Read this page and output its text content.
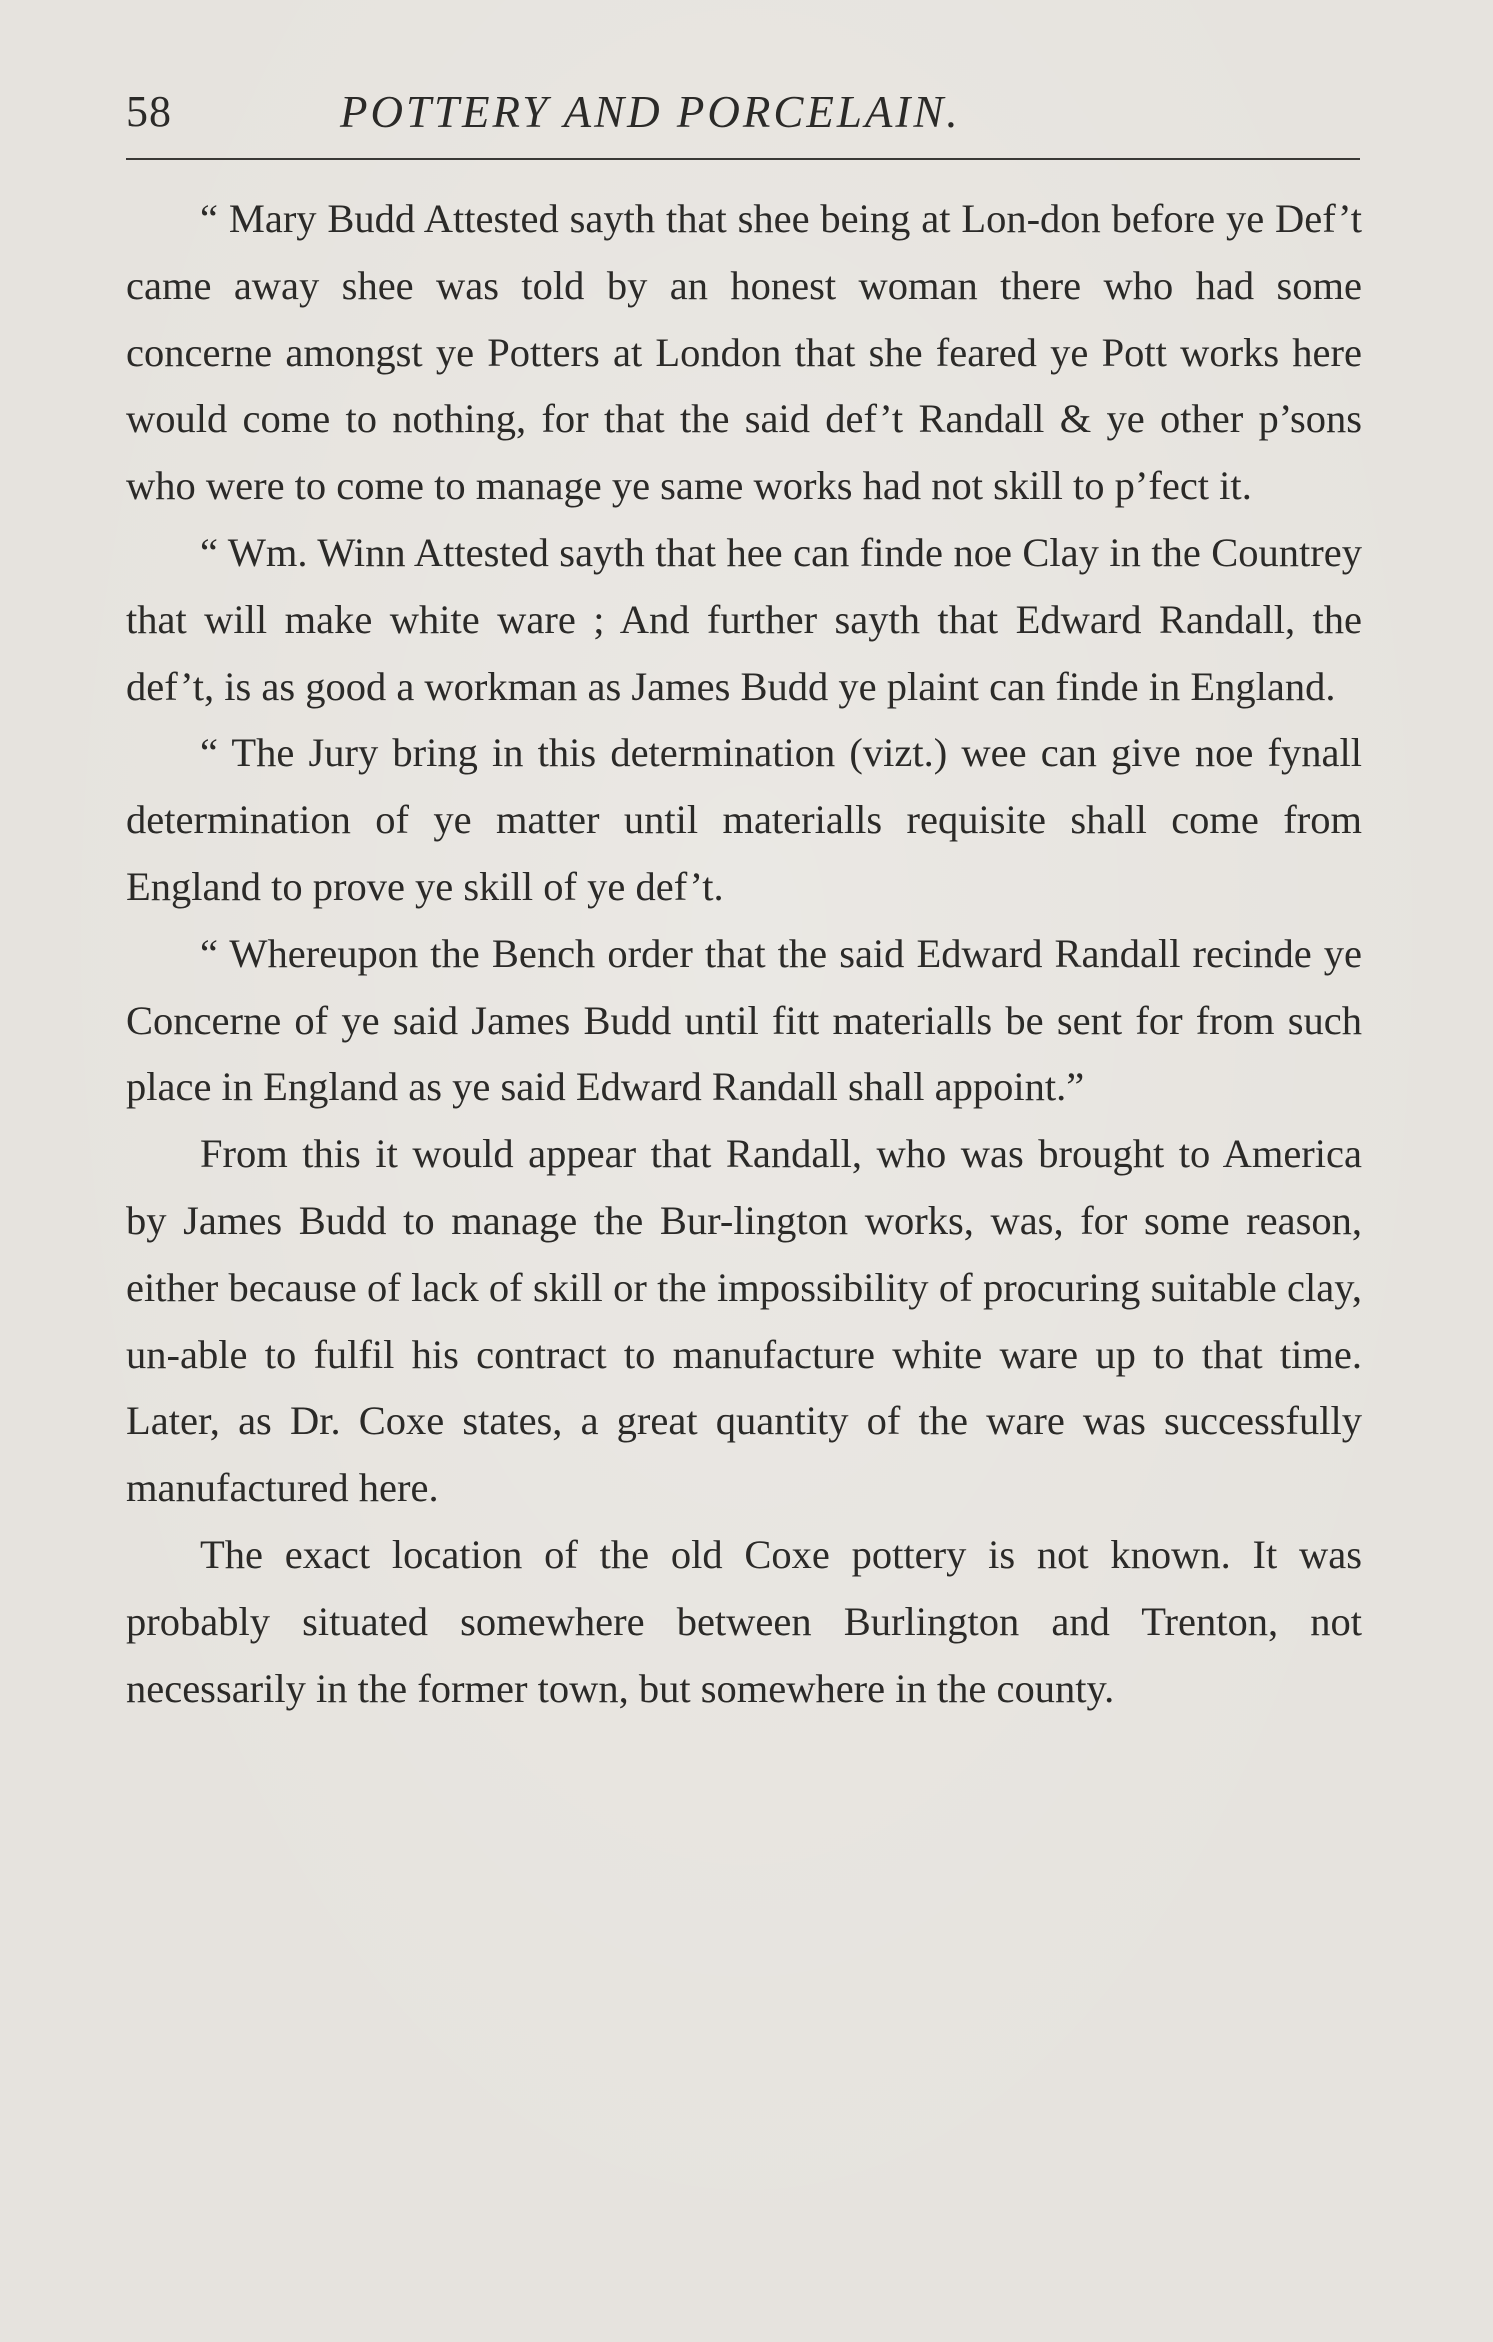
58	POTTERY AND PORCELAIN.

“ Mary Budd Attested sayth that shee being at Lon-don before ye Def’t came away shee was told by an honest woman there who had some concerne amongst ye Potters at London that she feared ye Pott works here would come to nothing, for that the said def’t Randall & ye other p’sons who were to come to manage ye same works had not skill to p’fect it.

“ Wm. Winn Attested sayth that hee can finde noe Clay in the Countrey that will make white ware ; And further sayth that Edward Randall, the def’t, is as good a workman as James Budd ye plaint can finde in England.

“ The Jury bring in this determination (vizt.) wee can give noe fynall determination of ye matter until materialls requisite shall come from England to prove ye skill of ye def’t.

“ Whereupon the Bench order that the said Edward Randall recinde ye Concerne of ye said James Budd until fitt materialls be sent for from such place in England as ye said Edward Randall shall appoint.”

From this it would appear that Randall, who was brought to America by James Budd to manage the Bur-lington works, was, for some reason, either because of lack of skill or the impossibility of procuring suitable clay, un-able to fulfil his contract to manufacture white ware up to that time. Later, as Dr. Coxe states, a great quantity of the ware was successfully manufactured here.

The exact location of the old Coxe pottery is not known. It was probably situated somewhere between Burlington and Trenton, not necessarily in the former town, but somewhere in the county.
